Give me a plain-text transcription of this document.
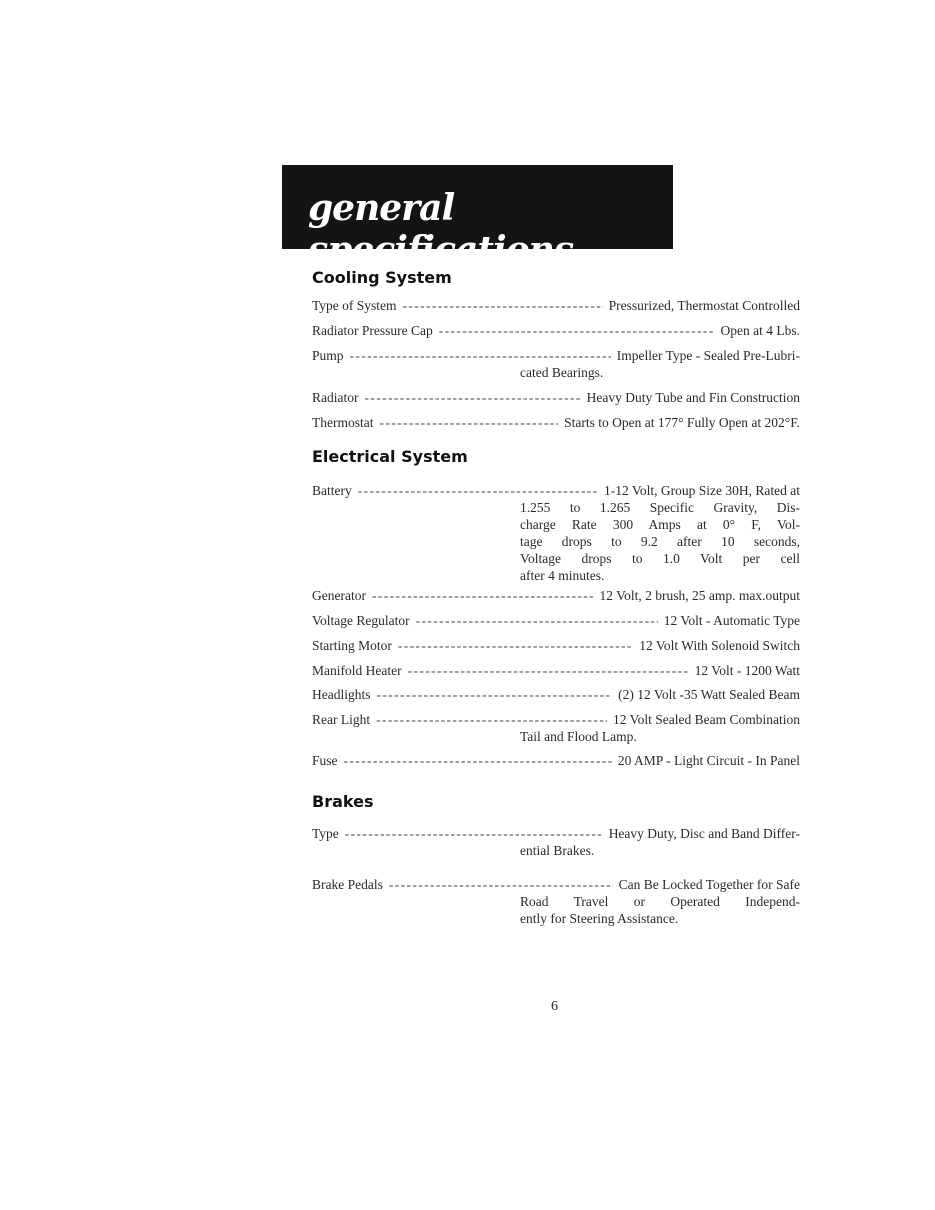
general specifications
Cooling System
Type of System - - -	Pressurized, Thermostat Controlled
Radiator Pressure Cap - - -	Open at 4 Lbs.
Pump - - -	Impeller Type - Sealed Pre-Lubri-
cated Bearings.
Radiator - - -	Heavy Duty Tube and Fin Construction
Thermostat - - -	Starts to Open at 177° Fully Open at 202°F.
Electrical System
Battery - - -	1-12 Volt, Group Size 30H, Rated at
1.255 to 1.265 Specific Gravity, Dis-
charge Rate 300 Amps at 0° F, Vol-
tage drops to 9.2 after 10 seconds,
Voltage drops to 1.0 Volt per cell
after 4 minutes.
Generator - - -	12 Volt, 2 brush, 25 amp. max.output
Voltage Regulator - - -	12 Volt - Automatic Type
Starting Motor - - -	12 Volt With Solenoid Switch
Manifold Heater - - -	12 Volt - 1200 Watt
Headlights - - -	(2) 12 Volt -35 Watt Sealed Beam
Rear Light - - -	12 Volt Sealed Beam Combination
Tail and Flood Lamp.
Fuse - - -	20 AMP - Light Circuit - In Panel
Brakes
Type - - -	Heavy Duty, Disc and Band Differ-
ential Brakes.
Brake Pedals - - -	Can Be Locked Together for Safe
Road Travel or Operated Independ-
ently for Steering Assistance.
6
